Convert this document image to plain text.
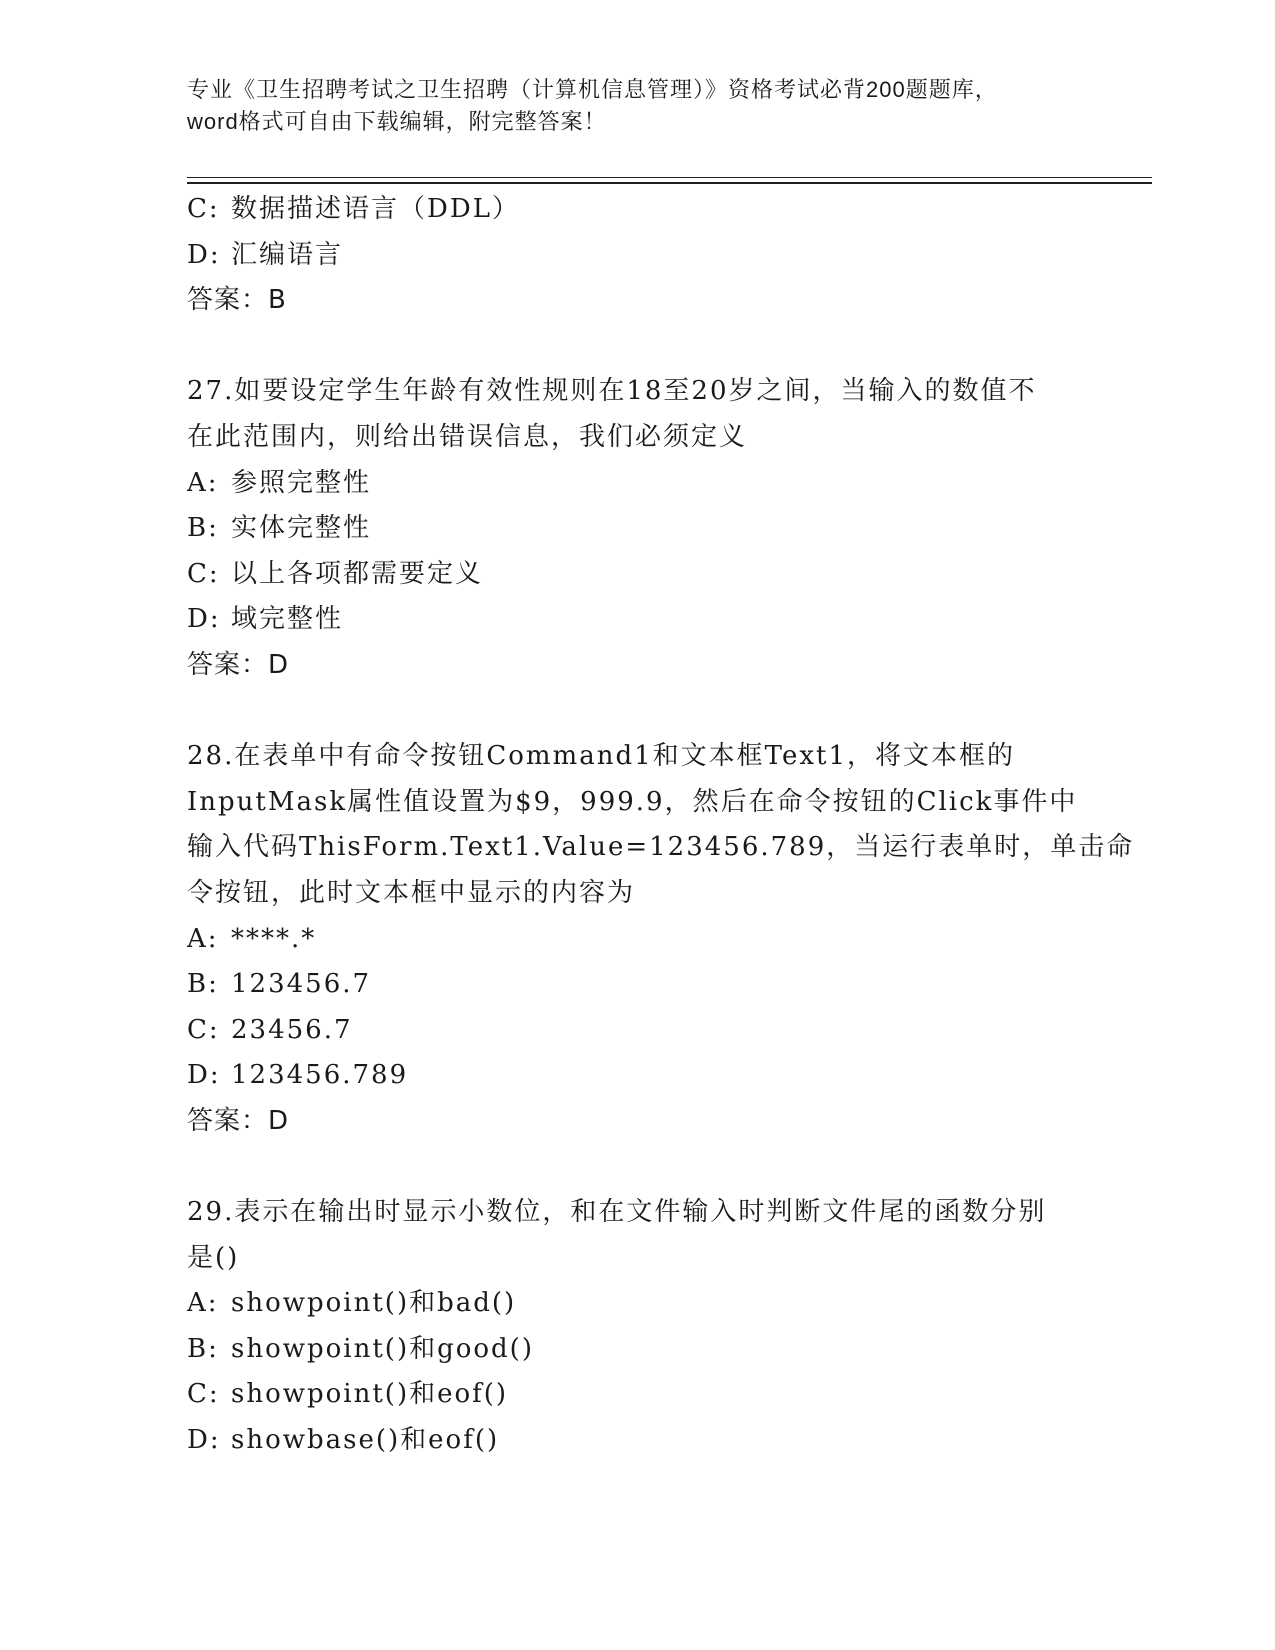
专业《卫生招聘考试之卫生招聘（计算机信息管理）》资格考试必背200题题库，
word格式可自由下载编辑，附完整答案！
C: 数据描述语言（DDL）
D: 汇编语言
答案：B
27.如要设定学生年龄有效性规则在18至20岁之间，当输入的数值不
在此范围内，则给出错误信息，我们必须定义
A: 参照完整性
B: 实体完整性
C: 以上各项都需要定义
D: 域完整性
答案：D
28.在表单中有命令按钮Command1和文本框Text1，将文本框的
InputMask属性值设置为$9，999.9，然后在命令按钮的Click事件中
输入代码ThisForm.Text1.Value=123456.789，当运行表单时，单击命
令按钮，此时文本框中显示的内容为
A: ****.*
B: 123456.7
C: 23456.7
D: 123456.789
答案：D
29.表示在输出时显示小数位，和在文件输入时判断文件尾的函数分别
是()
A: showpoint()和bad()
B: showpoint()和good()
C: showpoint()和eof()
D: showbase()和eof()
